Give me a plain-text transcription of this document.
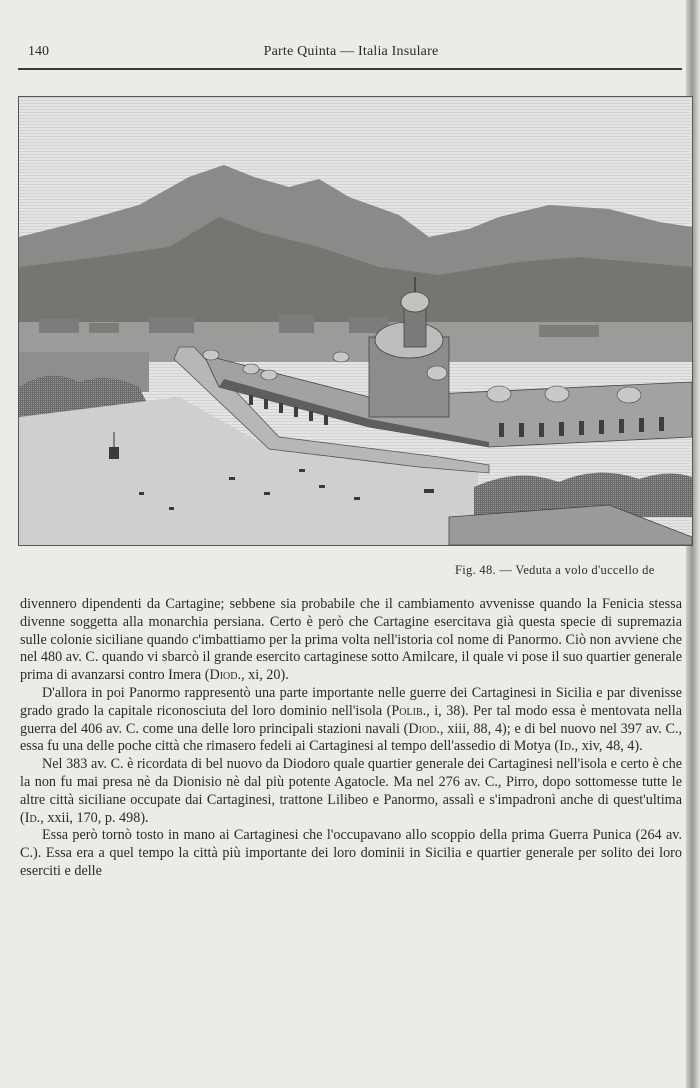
140	Parte Quinta — Italia Insulare
Fig. 48. — Veduta a volo d'uccello de

divennero dipendenti da Cartagine; sebbene sia probabile che il cambiamento avvenisse quando la Fenicia stessa divenne soggetta alla monarchia persiana. Certo è però che Cartagine esercitava già questa specie di supremazia sulle colonie siciliane quando c'imbattiamo per la prima volta nell'istoria col nome di Panormo. Ciò non avviene che nel 480 av. C. quando vi sbarcò il grande esercito cartaginese sotto Amilcare, il quale vi pose il suo quartier generale prima di avanzarsi contro Imera (Diod., xi, 20).

D'allora in poi Panormo rappresentò una parte importante nelle guerre dei Cartaginesi in Sicilia e par divenisse grado grado la capitale riconosciuta del loro dominio nell'isola (Polib., i, 38). Per tal modo essa è mentovata nella guerra del 406 av. C. come una delle loro principali stazioni navali (Diod., xiii, 88, 4); e di bel nuovo nel 397 av. C., essa fu una delle poche città che rimasero fedeli ai Cartaginesi al tempo dell'assedio di Motya (Id., xiv, 48, 4).

Nel 383 av. C. è ricordata di bel nuovo da Diodoro quale quartier generale dei Cartaginesi nell'isola e certo è che la non fu mai presa nè da Dionisio nè dal più potente Agatocle. Ma nel 276 av. C., Pirro, dopo sottomesse tutte le altre città siciliane occupate dai Cartaginesi, trattone Lilibeo e Panormo, assalì e s'impadronì anche di quest'ultima (Id., xxii, 170, p. 498).

Essa però tornò tosto in mano ai Cartaginesi che l'occupavano allo scoppio della prima Guerra Punica (264 av. C.). Essa era a quel tempo la città più importante dei loro dominii in Sicilia e quartier generale per solito dei loro eserciti e delle
